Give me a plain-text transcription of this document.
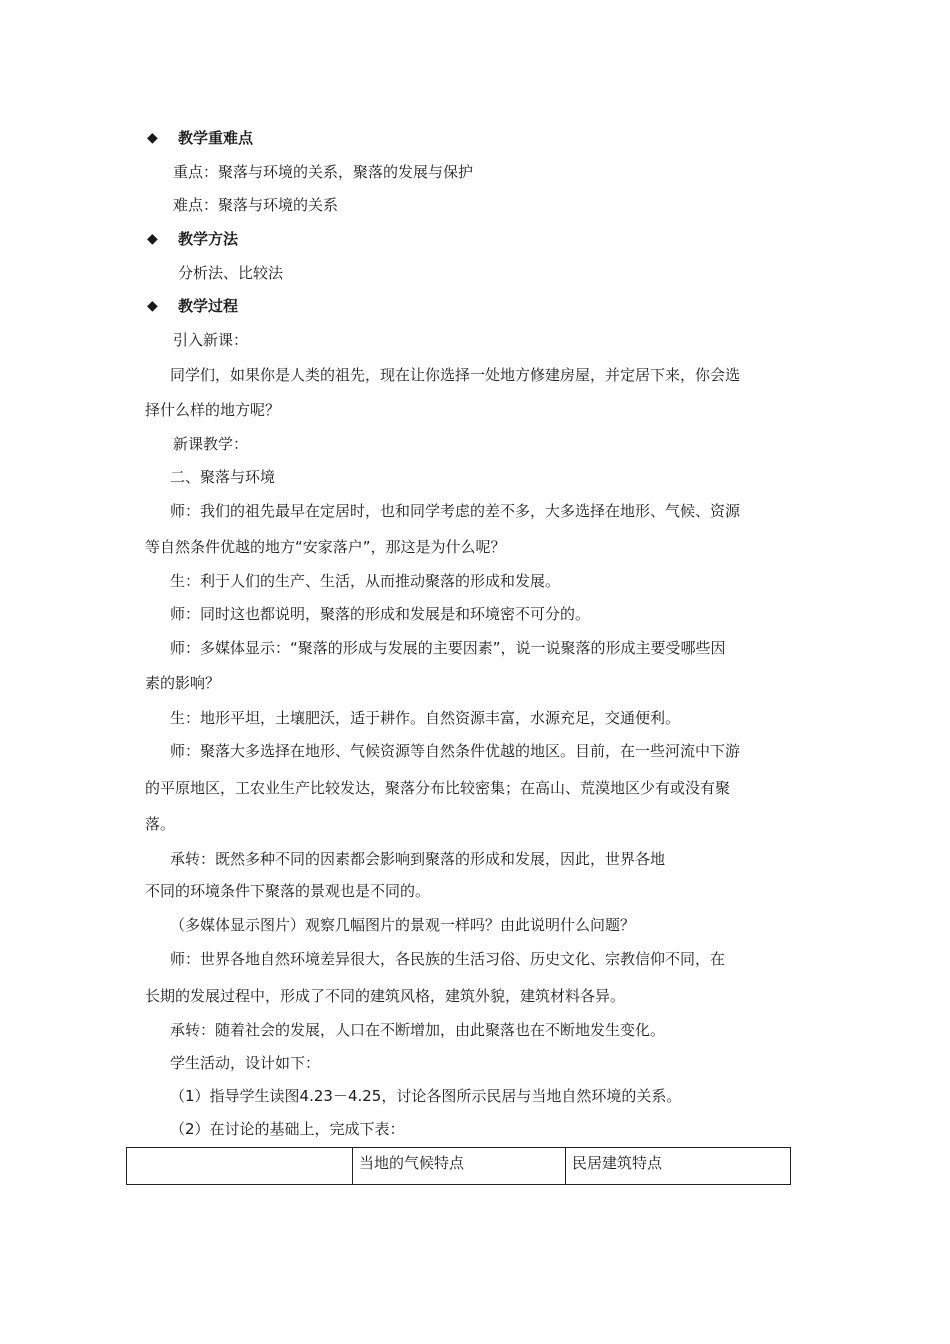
◆ 教学重难点
重点：聚落与环境的关系，聚落的发展与保护
难点：聚落与环境的关系
◆ 教学方法
分析法、比较法
◆ 教学过程
引入新课：
同学们，如果你是人类的祖先，现在让你选择一处地方修建房屋，并定居下来，你会选
择什么样的地方呢？
新课教学：
二、聚落与环境
师：我们的祖先最早在定居时，也和同学考虑的差不多，大多选择在地形、气候、资源
等自然条件优越的地方“安家落户”，那这是为什么呢？
生：利于人们的生产、生活，从而推动聚落的形成和发展。
师：同时这也都说明，聚落的形成和发展是和环境密不可分的。
师：多媒体显示：“聚落的形成与发展的主要因素”，说一说聚落的形成主要受哪些因
素的影响？
生：地形平坦，土壤肥沃，适于耕作。自然资源丰富，水源充足，交通便利。
师：聚落大多选择在地形、气候资源等自然条件优越的地区。目前，在一些河流中下游
的平原地区，工农业生产比较发达，聚落分布比较密集；在高山、荒漠地区少有或没有聚
落。
承转：既然多种不同的因素都会影响到聚落的形成和发展，因此，世界各地
不同的环境条件下聚落的景观也是不同的。
（多媒体显示图片）观察几幅图片的景观一样吗？由此说明什么问题？
师：世界各地自然环境差异很大，各民族的生活习俗、历史文化、宗教信仰不同，在
长期的发展过程中，形成了不同的建筑风格，建筑外貌，建筑材料各异。
承转：随着社会的发展，人口在不断增加，由此聚落也在不断地发生变化。
学生活动，设计如下：
（1）指导学生读图4.23－4.25，讨论各图所示民居与当地自然环境的关系。
（2）在讨论的基础上，完成下表：
	当地的气候特点	民居建筑特点
